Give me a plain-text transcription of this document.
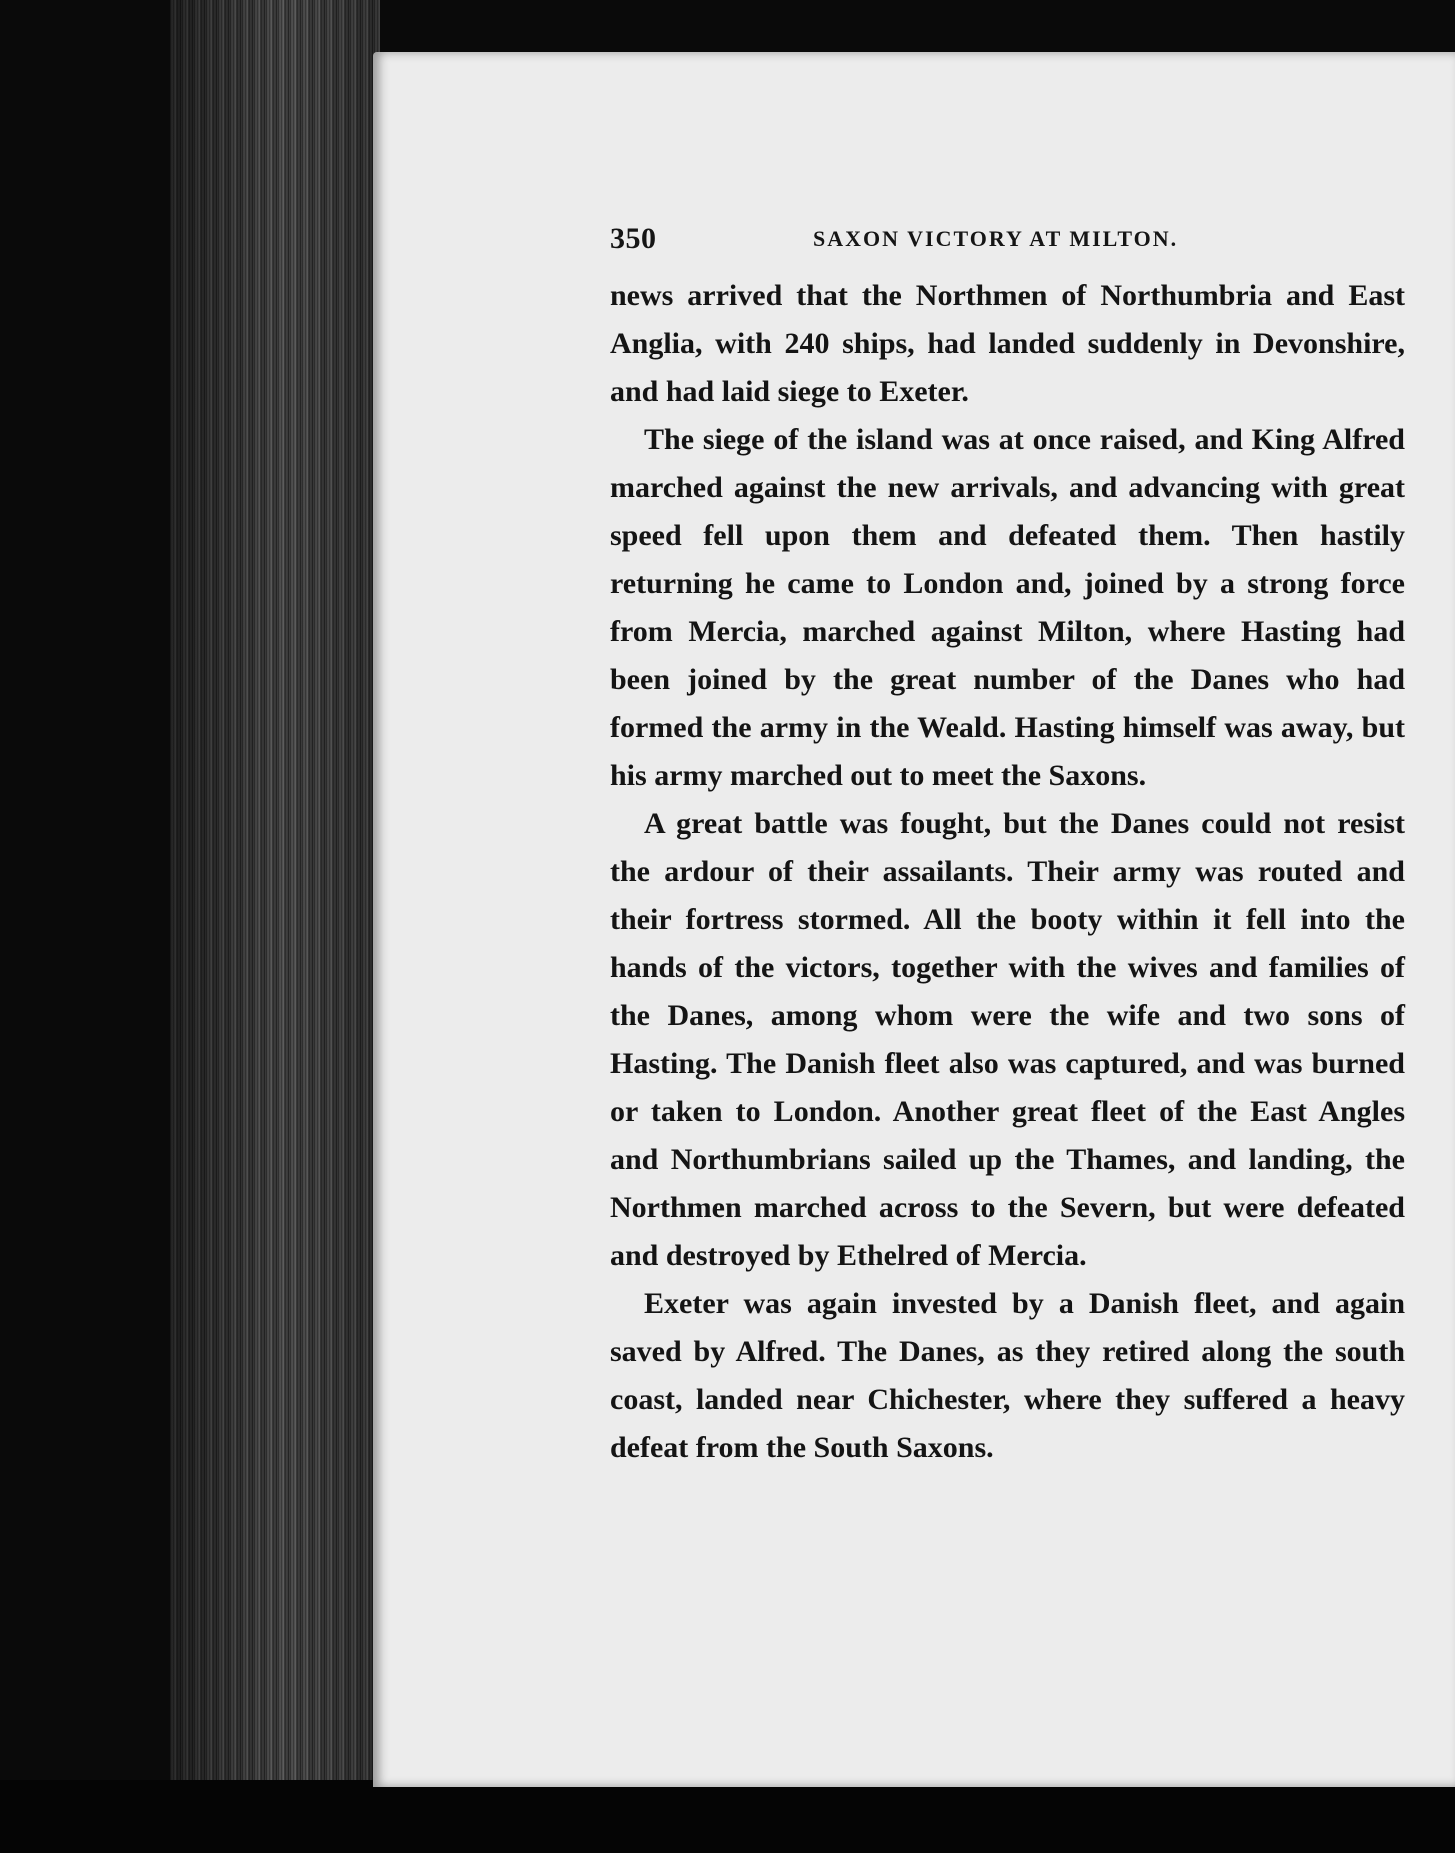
350	SAXON VICTORY AT MILTON.

news arrived that the Northmen of Northumbria and East Anglia, with 240 ships, had landed suddenly in Devonshire, and had laid siege to Exeter.

The siege of the island was at once raised, and King Alfred marched against the new arrivals, and advancing with great speed fell upon them and defeated them. Then hastily returning he came to London and, joined by a strong force from Mercia, marched against Milton, where Hasting had been joined by the great number of the Danes who had formed the army in the Weald. Hasting himself was away, but his army marched out to meet the Saxons.

A great battle was fought, but the Danes could not resist the ardour of their assailants. Their army was routed and their fortress stormed. All the booty within it fell into the hands of the victors, together with the wives and families of the Danes, among whom were the wife and two sons of Hasting. The Danish fleet also was captured, and was burned or taken to London. Another great fleet of the East Angles and Northumbrians sailed up the Thames, and landing, the Northmen marched across to the Severn, but were defeated and destroyed by Ethelred of Mercia.

Exeter was again invested by a Danish fleet, and again saved by Alfred. The Danes, as they retired along the south coast, landed near Chichester, where they suffered a heavy defeat from the South Saxons.
